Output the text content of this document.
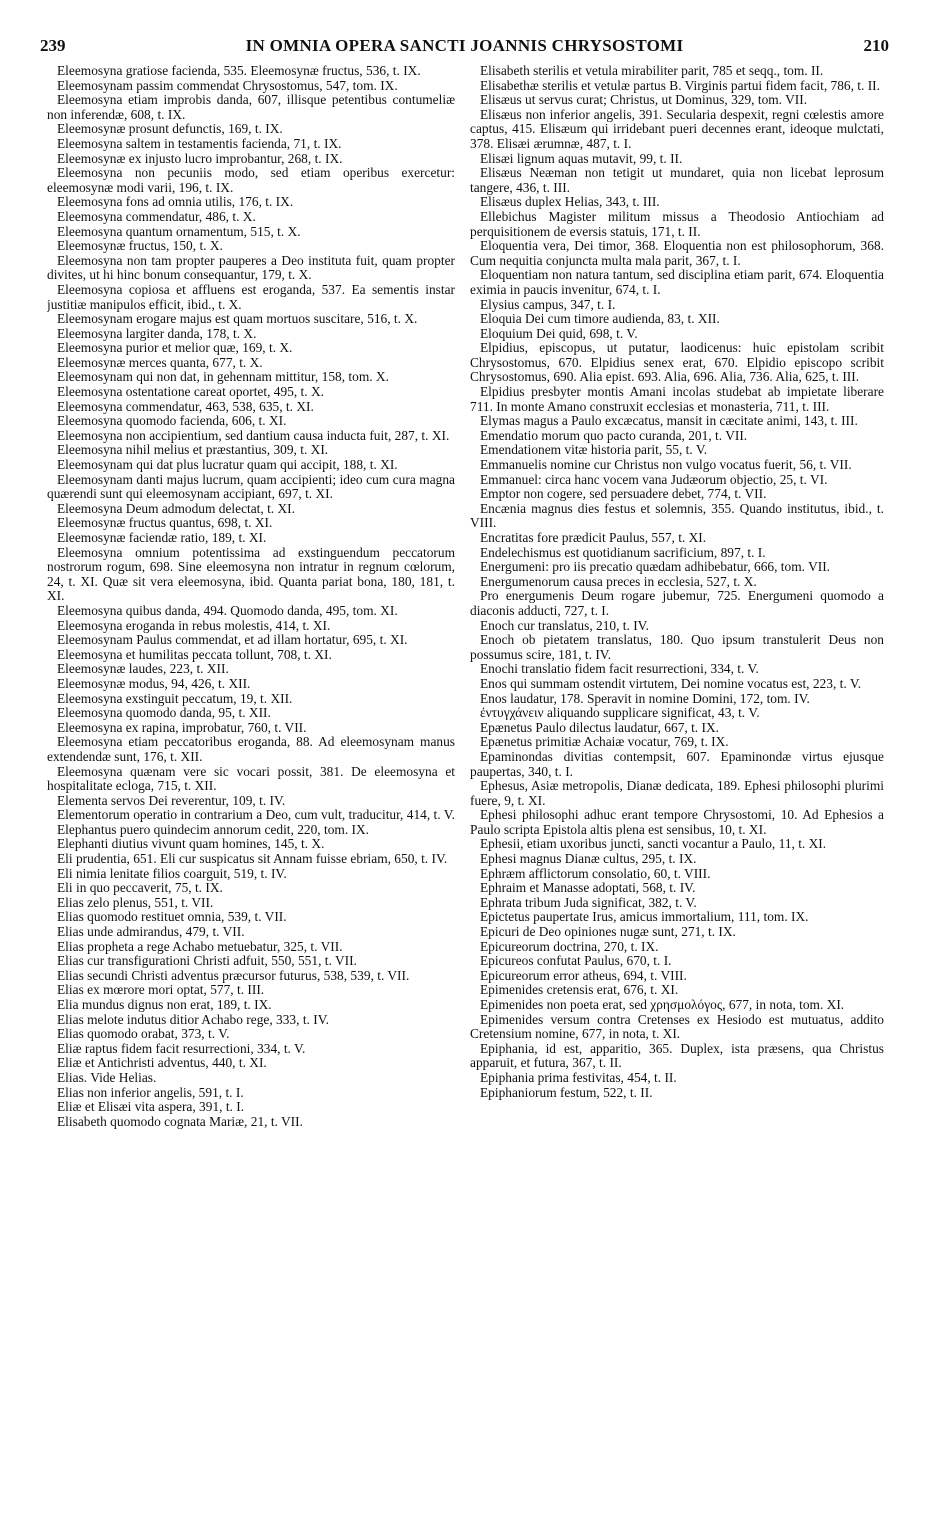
239	IN OMNIA OPERA SANCTI JOANNIS CHRYSOSTOMI	210

Eleemosyna gratiose facienda, 535. Eleemosynæ fructus, 536, t. IX.

Eleemosynam passim commendat Chrysostomus, 547, tom. IX.

Eleemosyna etiam improbis danda, 607, illisque petentibus contumeliæ non inferendæ, 608, t. IX.

Eleemosynæ prosunt defunctis, 169, t. IX.

Eleemosyna saltem in testamentis facienda, 71, t. IX.

Eleemosynæ ex injusto lucro improbantur, 268, t. IX.

Eleemosyna non pecuniis modo, sed etiam operibus exercetur: eleemosynæ modi varii, 196, t. IX.

Eleemosyna fons ad omnia utilis, 176, t. IX.

Eleemosyna commendatur, 486, t. X.

Eleemosyna quantum ornamentum, 515, t. X.

Eleemosynæ fructus, 150, t. X.

Eleemosyna non tam propter pauperes a Deo instituta fuit, quam propter divites, ut hi hinc bonum consequantur, 179, t. X.

Eleemosyna copiosa et affluens est eroganda, 537. Ea sementis instar justitiæ manipulos efficit, ibid., t. X.

Eleemosynam erogare majus est quam mortuos suscitare, 516, t. X.

Eleemosyna largiter danda, 178, t. X.

Eleemosyna purior et melior quæ, 169, t. X.

Eleemosynæ merces quanta, 677, t. X.

Eleemosynam qui non dat, in gehennam mittitur, 158, tom. X.

Eleemosyna ostentatione careat oportet, 495, t. X.

Eleemosyna commendatur, 463, 538, 635, t. XI.

Eleemosyna quomodo facienda, 606, t. XI.

Eleemosyna non accipientium, sed dantium causa inducta fuit, 287, t. XI.

Eleemosyna nihil melius et præstantius, 309, t. XI.

Eleemosynam qui dat plus lucratur quam qui accipit, 188, t. XI.

Eleemosynam danti majus lucrum, quam accipienti; ideo cum cura magna quærendi sunt qui eleemosynam accipiant, 697, t. XI.

Eleemosyna Deum admodum delectat, t. XI.

Eleemosynæ fructus quantus, 698, t. XI.

Eleemosynæ faciendæ ratio, 189, t. XI.

Eleemosyna omnium potentissima ad exstinguendum peccatorum nostrorum rogum, 698. Sine eleemosyna non intratur in regnum cœlorum, 24, t. XI. Quæ sit vera eleemosyna, ibid. Quanta pariat bona, 180, 181, t. XI.

Eleemosyna quibus danda, 494. Quomodo danda, 495, tom. XI.

Eleemosyna eroganda in rebus molestis, 414, t. XI.

Eleemosynam Paulus commendat, et ad illam hortatur, 695, t. XI.

Eleemosyna et humilitas peccata tollunt, 708, t. XI.

Eleemosynæ laudes, 223, t. XII.

Eleemosynæ modus, 94, 426, t. XII.

Eleemosyna exstinguit peccatum, 19, t. XII.

Eleemosyna quomodo danda, 95, t. XII.

Eleemosyna ex rapina, improbatur, 760, t. VII.

Eleemosyna etiam peccatoribus eroganda, 88. Ad eleemosynam manus extendendæ sunt, 176, t. XII.

Eleemosyna quænam vere sic vocari possit, 381. De eleemosyna et hospitalitate ecloga, 715, t. XII.

Elementa servos Dei reverentur, 109, t. IV.

Elementorum operatio in contrarium a Deo, cum vult, traducitur, 414, t. V.

Elephantus puero quindecim annorum cedit, 220, tom. IX.

Elephanti diutius vivunt quam homines, 145, t. X.

Eli prudentia, 651. Eli cur suspicatus sit Annam fuisse ebriam, 650, t. IV.

Eli nimia lenitate filios coarguit, 519, t. IV.

Eli in quo peccaverit, 75, t. IX.

Elias zelo plenus, 551, t. VII.

Elias quomodo restituet omnia, 539, t. VII.

Elias unde admirandus, 479, t. VII.

Elias propheta a rege Achabo metuebatur, 325, t. VII.

Elias cur transfigurationi Christi adfuit, 550, 551, t. VII.

Elias secundi Christi adventus præcursor futurus, 538, 539, t. VII.

Elias ex mœrore mori optat, 577, t. III.

Elia mundus dignus non erat, 189, t. IX.

Elias melote indutus ditior Achabo rege, 333, t. IV.

Elias quomodo orabat, 373, t. V.

Eliæ raptus fidem facit resurrectioni, 334, t. V.

Eliæ et Antichristi adventus, 440, t. XI.

Elias. Vide Helias.

Elias non inferior angelis, 591, t. I.

Eliæ et Elisæi vita aspera, 391, t. I.

Elisabeth quomodo cognata Mariæ, 21, t. VII.

Elisabeth sterilis et vetula mirabiliter parit, 785 et seqq., tom. II.

Elisabethæ sterilis et vetulæ partus B. Virginis partui fidem facit, 786, t. II.

Elisæus ut servus curat; Christus, ut Dominus, 329, tom. VII.

Elisæus non inferior angelis, 391. Secularia despexit, regni cœlestis amore captus, 415. Elisæum qui irridebant pueri decennes erant, ideoque mulctati, 378. Elisæi ærumnæ, 487, t. I.

Elisæi lignum aquas mutavit, 99, t. II.

Elisæus Neæman non tetigit ut mundaret, quia non licebat leprosum tangere, 436, t. III.

Elisæus duplex Helias, 343, t. III.

Ellebichus Magister militum missus a Theodosio Antiochiam ad perquisitionem de eversis statuis, 171, t. II.

Eloquentia vera, Dei timor, 368. Eloquentia non est philosophorum, 368. Cum nequitia conjuncta multa mala parit, 367, t. I.

Eloquentiam non natura tantum, sed disciplina etiam parit, 674. Eloquentia eximia in paucis invenitur, 674, t. I.

Elysius campus, 347, t. I.

Eloquia Dei cum timore audienda, 83, t. XII.

Eloquium Dei quid, 698, t. V.

Elpidius, episcopus, ut putatur, laodicenus: huic epistolam scribit Chrysostomus, 670. Elpidius senex erat, 670. Elpidio episcopo scribit Chrysostomus, 690. Alia epist. 693. Alia, 696. Alia, 736. Alia, 625, t. III.

Elpidius presbyter montis Amani incolas studebat ab impietate liberare 711. In monte Amano construxit ecclesias et monasteria, 711, t. III.

Elymas magus a Paulo excæcatus, mansit in cæcitate animi, 143, t. III.

Emendatio morum quo pacto curanda, 201, t. VII.

Emendationem vitæ historia parit, 55, t. V.

Emmanuelis nomine cur Christus non vulgo vocatus fuerit, 56, t. VII.

Emmanuel: circa hanc vocem vana Judæorum objectio, 25, t. VI.

Emptor non cogere, sed persuadere debet, 774, t. VII.

Encænia magnus dies festus et solemnis, 355. Quando institutus, ibid., t. VIII.

Encratitas fore prædicit Paulus, 557, t. XI.

Endelechismus est quotidianum sacrificium, 897, t. I.

Energumeni: pro iis precatio quædam adhibebatur, 666, tom. VII.

Energumenorum causa preces in ecclesia, 527, t. X.

Pro energumenis Deum rogare jubemur, 725. Energumeni quomodo a diaconis adducti, 727, t. I.

Enoch cur translatus, 210, t. IV.

Enoch ob pietatem translatus, 180. Quo ipsum transtulerit Deus non possumus scire, 181, t. IV.

Enochi translatio fidem facit resurrectioni, 334, t. V.

Enos qui summam ostendit virtutem, Dei nomine vocatus est, 223, t. V.

Enos laudatur, 178. Speravit in nomine Domini, 172, tom. IV.

ἐντυγχάνειν aliquando supplicare significat, 43, t. V.

Epænetus Paulo dilectus laudatur, 667, t. IX.

Epænetus primitiæ Achaiæ vocatur, 769, t. IX.

Epaminondas divitias contempsit, 607. Epaminondæ virtus ejusque paupertas, 340, t. I.

Ephesus, Asiæ metropolis, Dianæ dedicata, 189. Ephesi philosophi plurimi fuere, 9, t. XI.

Ephesi philosophi adhuc erant tempore Chrysostomi, 10. Ad Ephesios a Paulo scripta Epistola altis plena est sensibus, 10, t. XI.

Ephesii, etiam uxoribus juncti, sancti vocantur a Paulo, 11, t. XI.

Ephesi magnus Dianæ cultus, 295, t. IX.

Ephræm afflictorum consolatio, 60, t. VIII.

Ephraim et Manasse adoptati, 568, t. IV.

Ephrata tribum Juda significat, 382, t. V.

Epictetus paupertate Irus, amicus immortalium, 111, tom. IX.

Epicuri de Deo opiniones nugæ sunt, 271, t. IX.

Epicureorum doctrina, 270, t. IX.

Epicureos confutat Paulus, 670, t. I.

Epicureorum error atheus, 694, t. VIII.

Epimenides cretensis erat, 676, t. XI.

Epimenides non poeta erat, sed χρησμολόγος, 677, in nota, tom. XI.

Epimenides versum contra Cretenses ex Hesiodo est mutuatus, addito Cretensium nomine, 677, in nota, t. XI.

Epiphania, id est, apparitio, 365. Duplex, ista præsens, qua Christus apparuit, et futura, 367, t. II.

Epiphania prima festivitas, 454, t. II.

Epiphaniorum festum, 522, t. II.
